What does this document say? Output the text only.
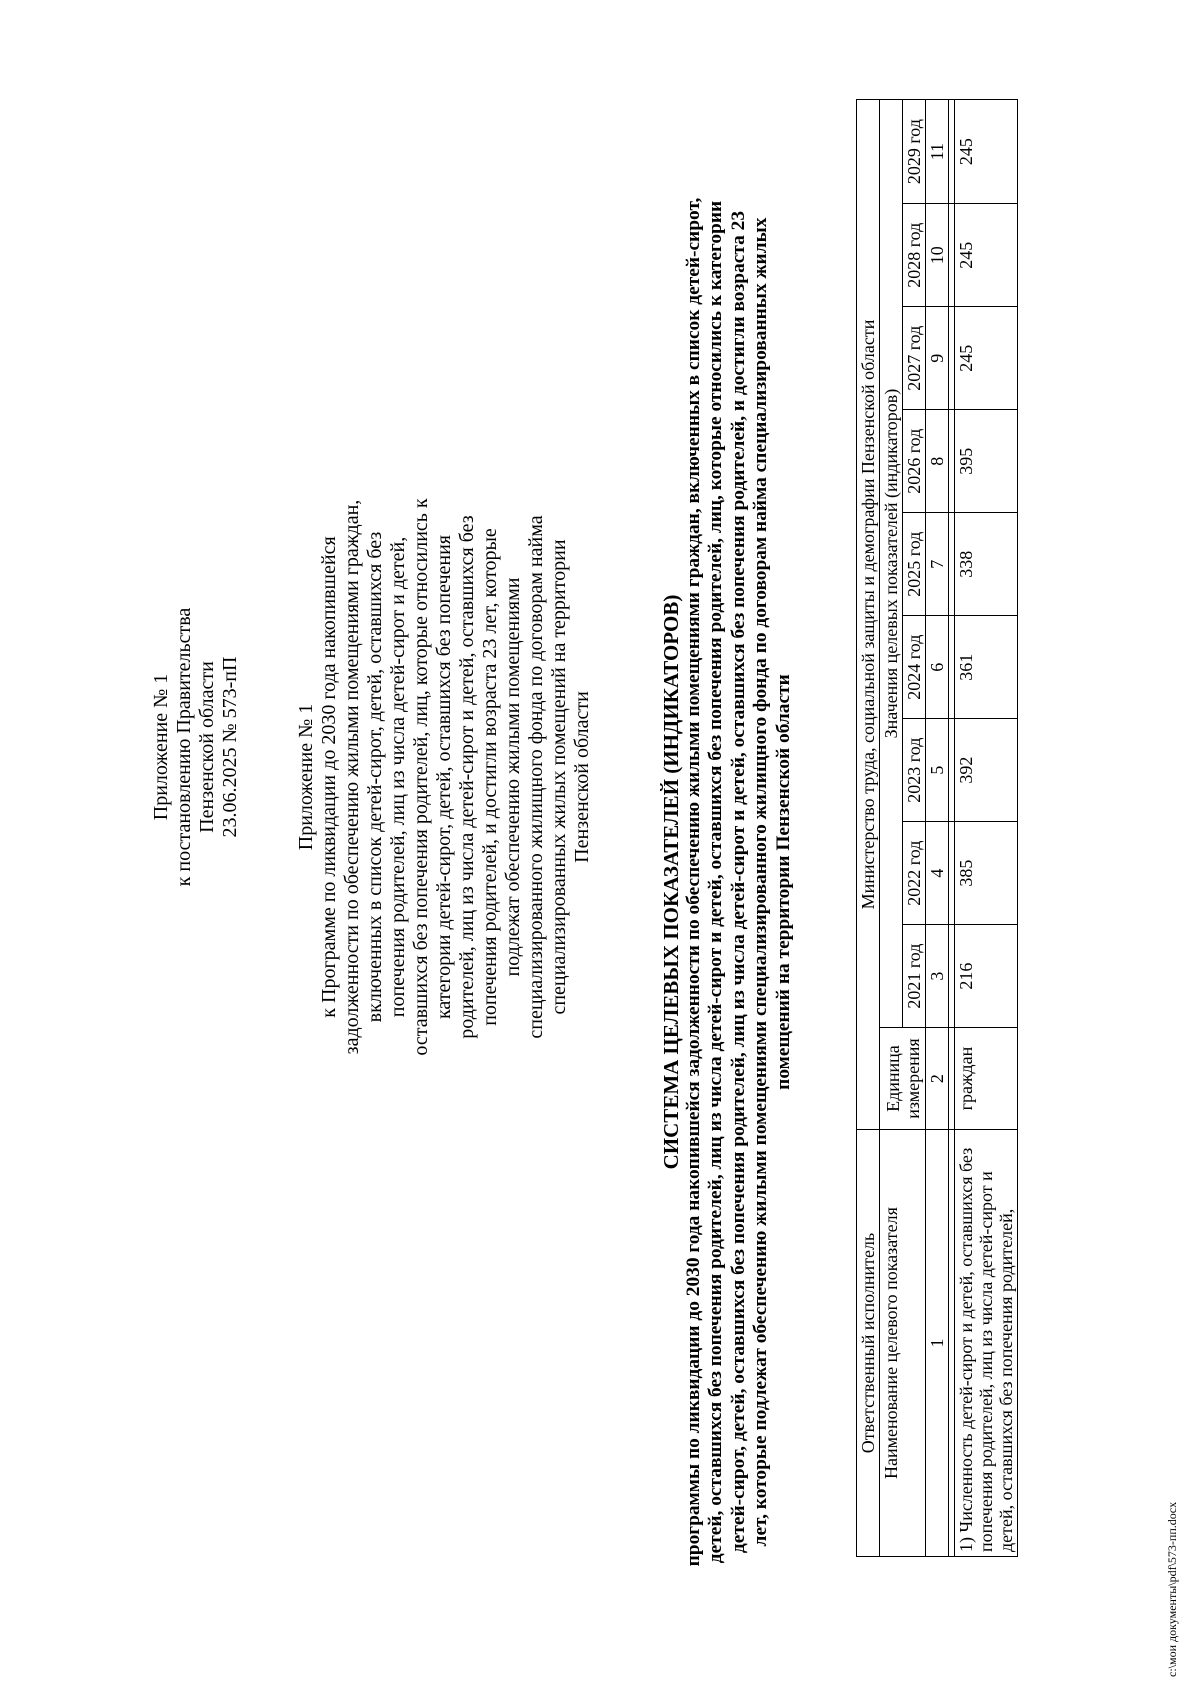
Приложение № 1 к постановлению Правительства Пензенской области 23.06.2025 № 573-пП	Приложение № 1 к Программе по ликвидации до 2030 года накопившейся задолженности по обеспечению жилыми помещениями граждан, включенных в список детей-сирот, детей, оставшихся без попечения родителей, лиц из числа детей-сирот и детей, оставшихся без попечения родителей, лиц, которые относились к категории детей-сирот, детей, оставшихся без попечения родителей, лиц из числа детей-сирот и детей, оставшихся без попечения родителей, и достигли возраста 23 лет, которые подлежат обеспечению жилыми помещениями специализированного жилищного фонда по договорам найма специализированных жилых помещений на территории Пензенской области	СИСТЕМА ЦЕЛЕВЫХ ПОКАЗАТЕЛЕЙ (ИНДИКАТОРОВ) программы по ликвидации до 2030 года накопившейся задолженности по обеспечению жилыми помещениями граждан, включенных в список детей-сирот, детей, оставшихся без попечения родителей, лиц из числа детей-сирот и детей, оставшихся без попечения родителей, лиц, которые относились к категории детей-сирот, детей, оставшихся без попечения родителей, лиц из числа детей-сирот и детей, оставшихся без попечения родителей, и достигли возраста 23 лет, которые подлежат обеспечению жилыми помещениями специализированного жилищного фонда по договорам найма специализированных жилых помещений на территории Пензенской области
Ответственный исполнитель	Министерство труда, социальной защиты и демографии Пензенской области									
Наименование целевого показателя	Единица измерения	Значения целевых показателей (индикаторов)								
		2021 год	2022 год	2023 год	2024 год	2025 год	2026 год	2027 год	2028 год	2029 год
1	2	3	4	5	6	7	8	9	10	11

1) Численность детей-сирот и детей, оставшихся без попечения родителей, лиц из числа детей-сирот и детей, оставшихся без попечения родителей,	граждан	216	385	392	361	338	395	245	245	245
c:\мои документы\pdf\573-пп.docx
